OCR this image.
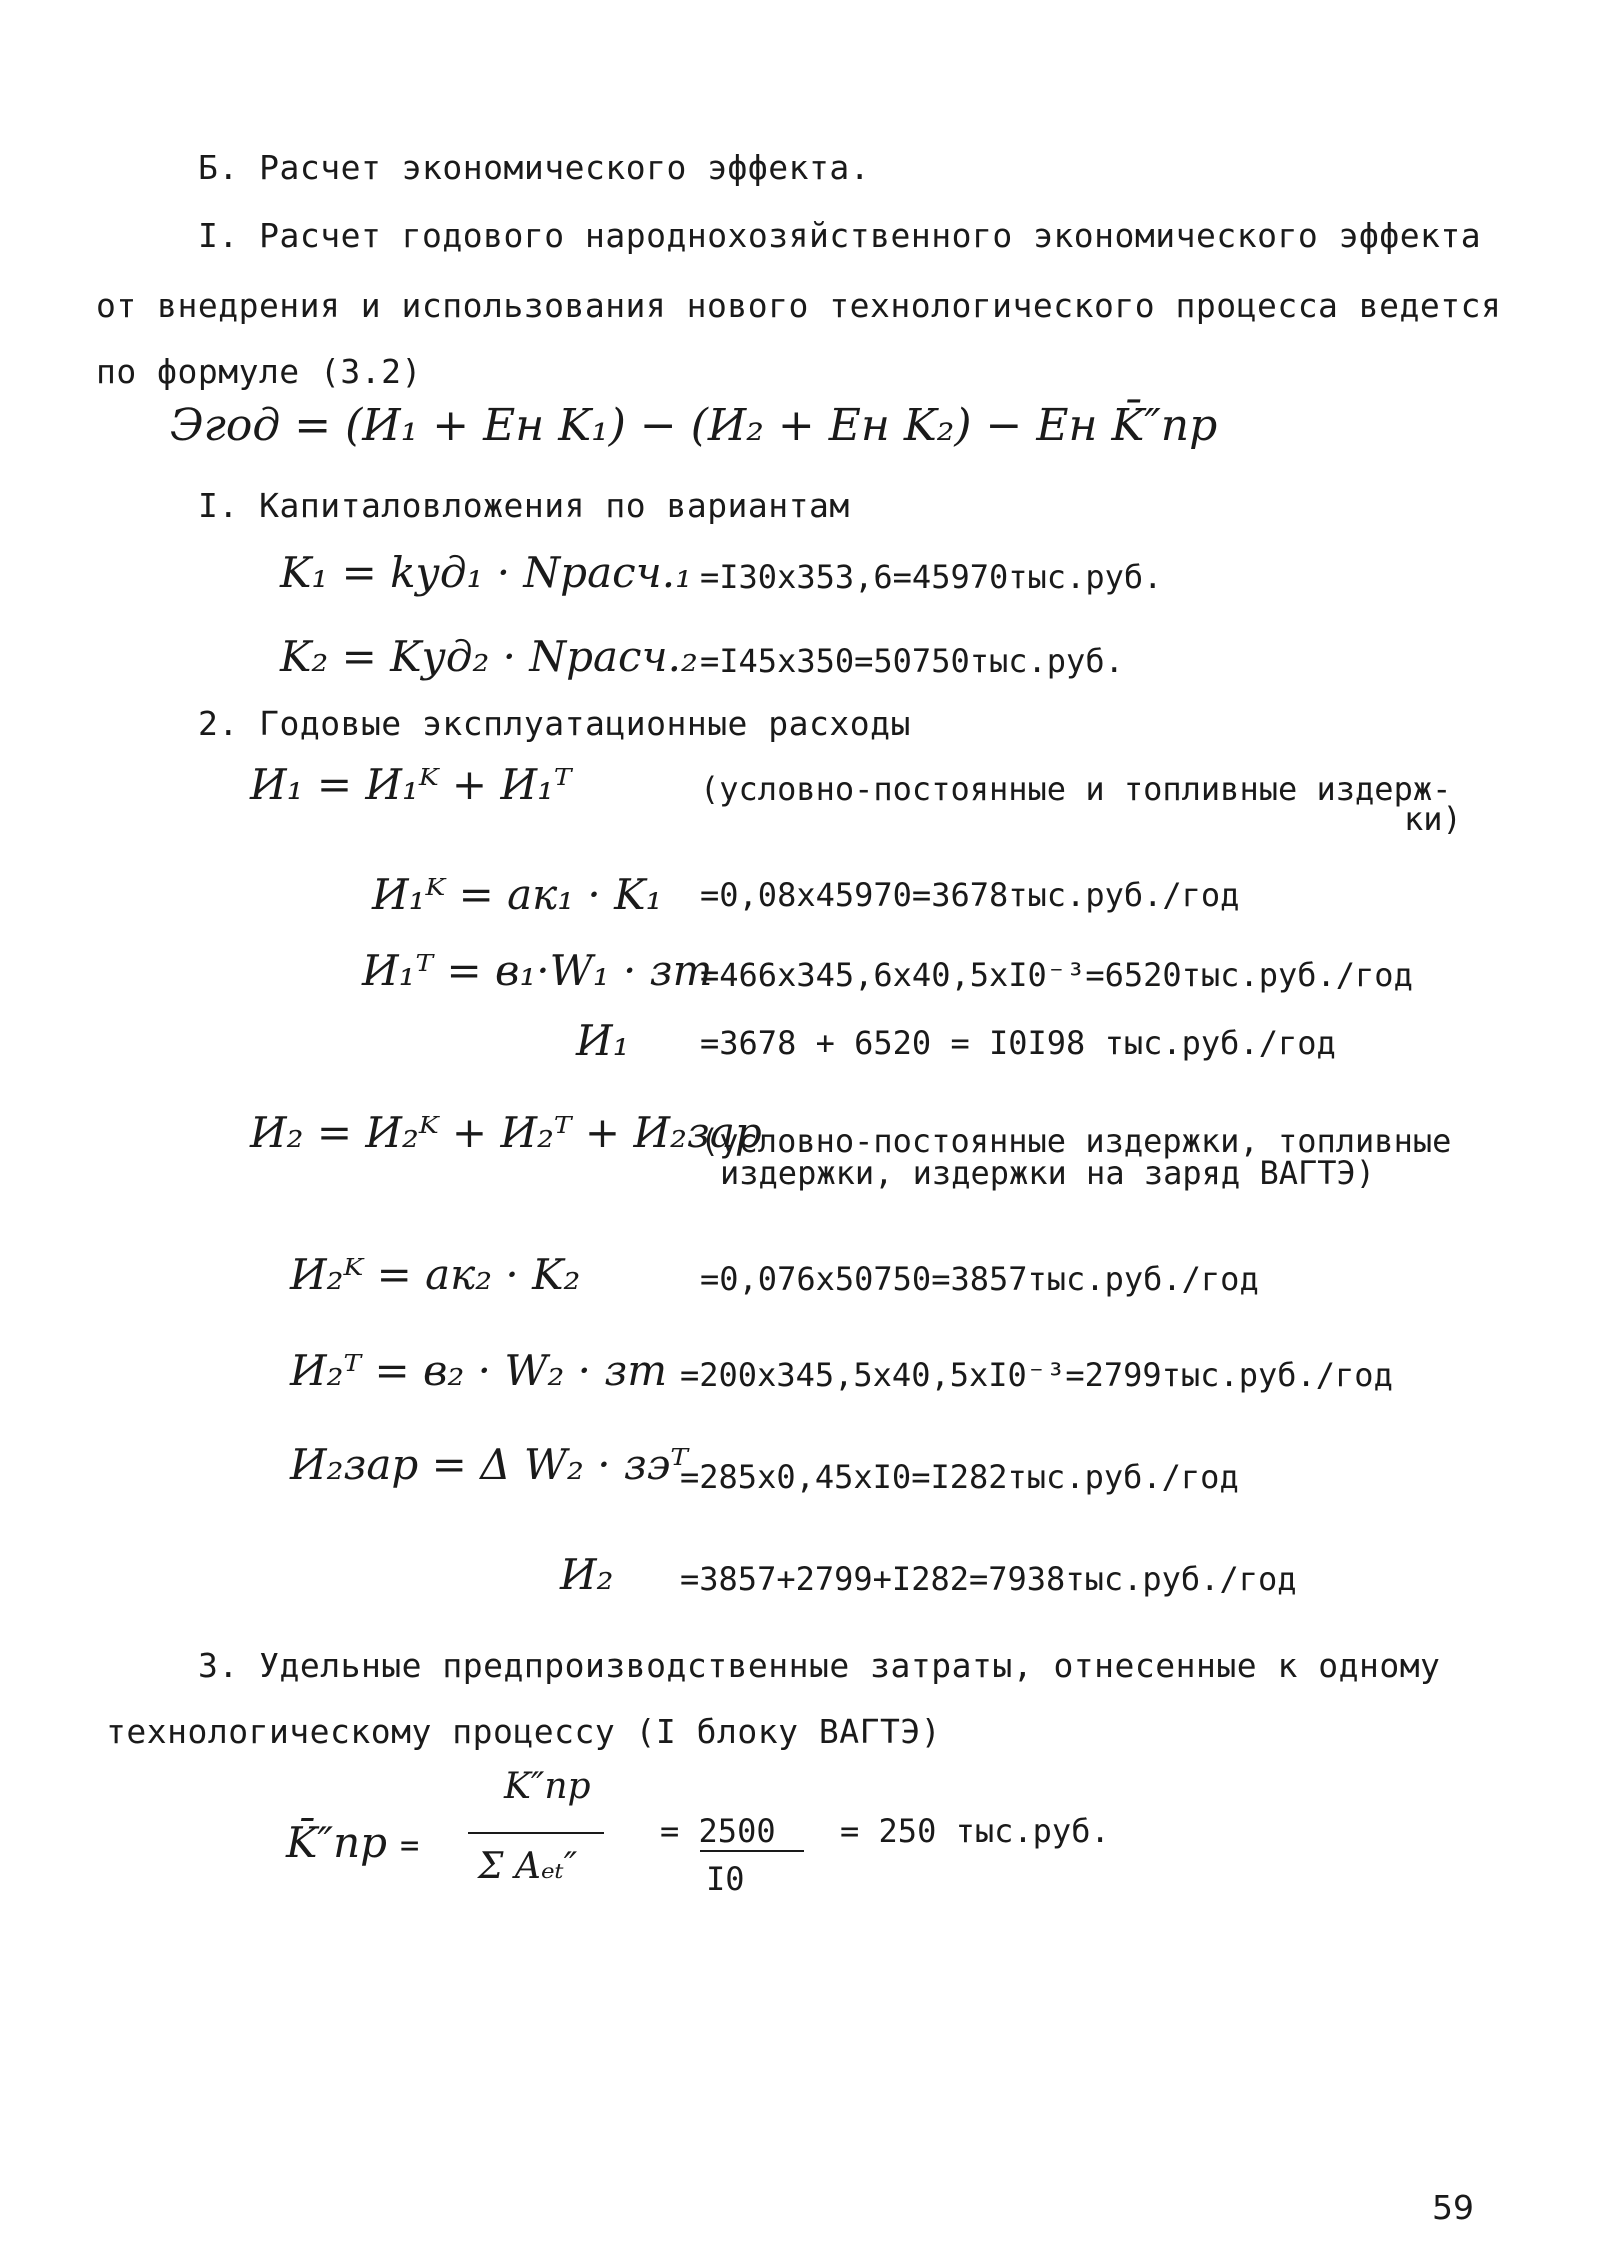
Б. Расчет экономического эффекта.
I. Расчет годового народнохозяйственного экономического эффекта
от внедрения и использования нового технологического процесса ведется
по формуле (3.2)
Эгод = (И₁ + Eн K₁) − (И₂ + Eн K₂) − Eн K̄″пр
I. Капиталовложения по вариантам
K₁ = kуд₁ · Nрасч.₁ =I30x353,6=45970тыс.руб.
K₂ = Kуд₂ · Nрасч.₂ =I45x350=50750тыс.руб.
2. Годовые эксплуатационные расходы
И₁ = И₁ᴷ + И₁ᵀ	(условно-постоянные и топливные издерж-
ки)
И₁ᴷ = aк₁ · K₁ =0,08x45970=3678тыс.руб./год
И₁ᵀ = в₁·W₁ · зт
=466x345,6x40,5xI0⁻³=6520тыс.руб./год
И₁ =3678 + 6520 = I0I98 тыс.руб./год
И₂ = И₂ᴷ + И₂ᵀ + И₂зар
(условно-постоянные издержки, топливные
издержки, издержки на заряд ВАГТЭ)
И₂ᴷ = aк₂ · K₂	=0,076x50750=3857тыс.руб./год
И₂ᵀ = в₂ · W₂ · зт =200x345,5x40,5xI0⁻³=2799тыс.руб./год
И₂зар = Δ W₂ · зэᵀ
=285x0,45xI0=I282тыс.руб./год
И₂ =3857+2799+I282=7938тыс.руб./год
3. Удельные предпроизводственные затраты, отнесенные к одному
технологическому процессу (I блоку ВАГТЭ)
K̄″пр =
K″пр
Σ Aₑₜ″
= 2500
I0
= 250 тыс.руб.
59
